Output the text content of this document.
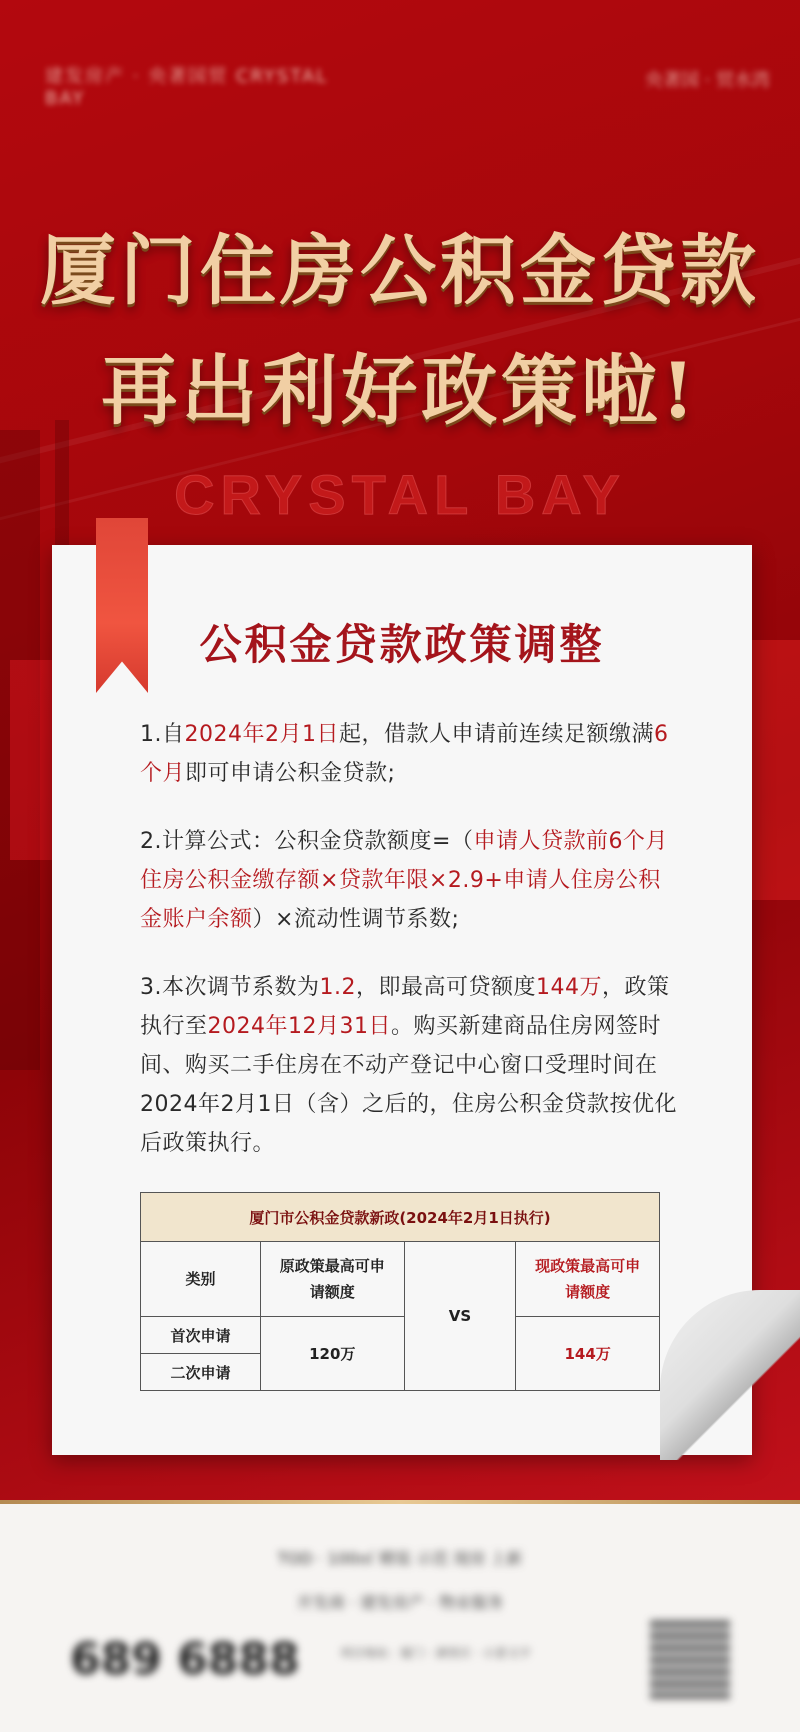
建发房产 · 央著国贸 CRYSTAL BAY
央著国 · 贸水湾
厦门住房公积金贷款
再出利好政策啦!
CRYSTAL BAY
公积金贷款政策调整
1.自2024年2月1日起，借款人申请前连续足额缴满6个月即可申请公积金贷款;
2.计算公式：公积金贷款额度=（申请人贷款前6个月住房公积金缴存额×贷款年限×2.9+申请人住房公积金账户余额）×流动性调节系数;
3.本次调节系数为1.2，即最高可贷额度144万，政策执行至2024年12月31日。购买新建商品住房网签时间、购买二手住房在不动产登记中心窗口受理时间在2024年2月1日（含）之后的，住房公积金贷款按优化后政策执行。
厦门市公积金贷款新政(2024年2月1日执行)			
类别	原政策最高可申请额度	VS	现政策最高可申请额度
首次申请	120万		144万
二次申请			
TOD · 100㎡ 精装 示范 现房 上新
开发商 · 建发房产 · 物业服务
689 6888	项目地址：厦门 · 湖里区 · 示意文字
